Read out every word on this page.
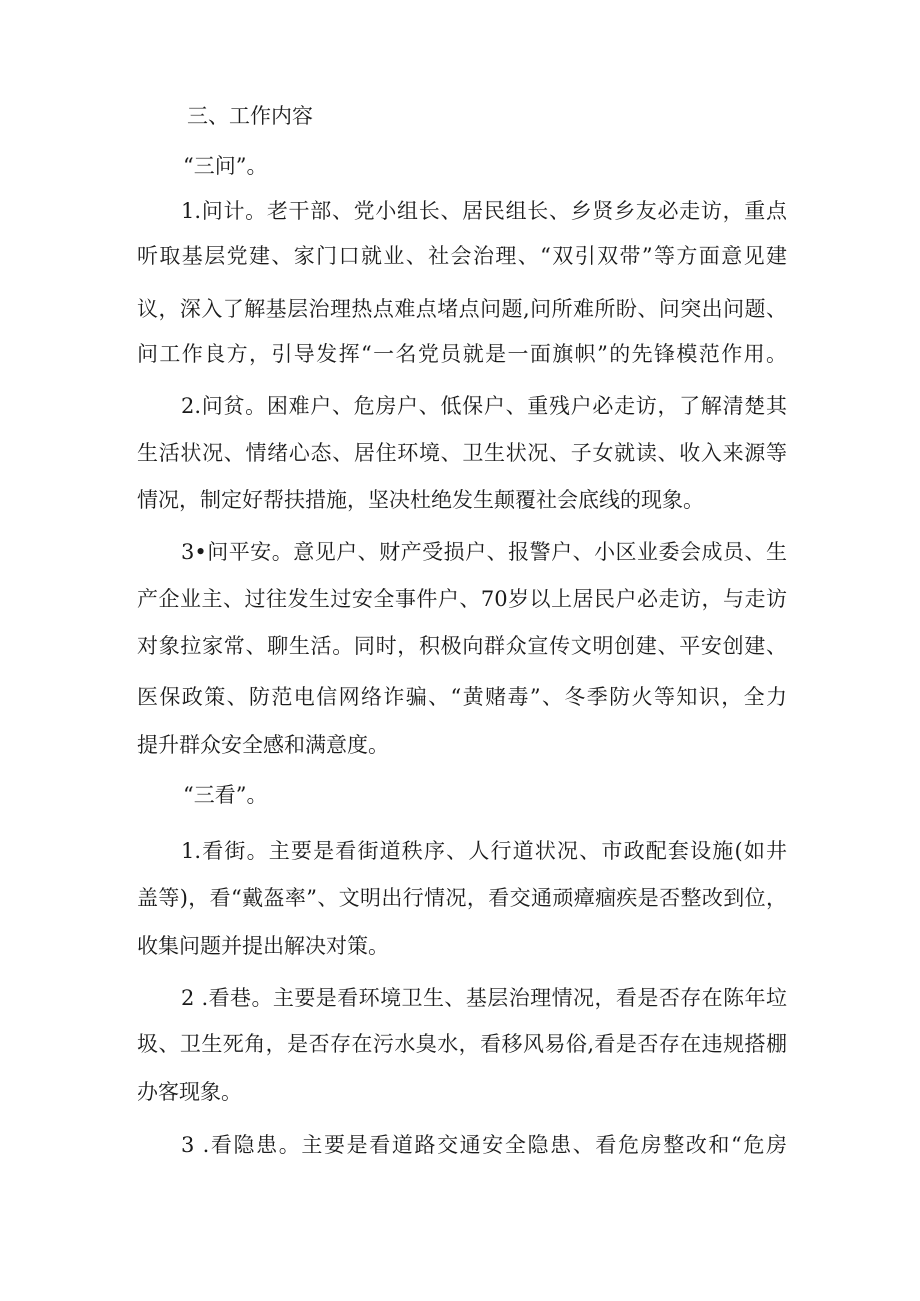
三、工作内容
“三问”。
1.问计。老干部、党小组长、居民组长、乡贤乡友必走访，重点
听取基层党建、家门口就业、社会治理、“双引双带”等方面意见建
议，深入了解基层治理热点难点堵点问题,问所难所盼、问突出问题、
问工作良方，引导发挥“一名党员就是一面旗帜”的先锋模范作用。
2.问贫。困难户、危房户、低保户、重残户必走访，了解清楚其
生活状况、情绪心态、居住环境、卫生状况、子女就读、收入来源等
情况，制定好帮扶措施，坚决杜绝发生颠覆社会底线的现象。
3•问平安。意见户、财产受损户、报警户、小区业委会成员、生
产企业主、过往发生过安全事件户、70岁以上居民户必走访，与走访
对象拉家常、聊生活。同时，积极向群众宣传文明创建、平安创建、
医保政策、防范电信网络诈骗、“黄赌毒”、冬季防火等知识，全力
提升群众安全感和满意度。
“三看”。
1.看街。主要是看街道秩序、人行道状况、市政配套设施(如井
盖等)，看“戴盔率”、文明出行情况，看交通顽瘴痼疾是否整改到位，
收集问题并提出解决对策。
2 .看巷。主要是看环境卫生、基层治理情况，看是否存在陈年垃
圾、卫生死角，是否存在污水臭水，看移风易俗,看是否存在违规搭棚
办客现象。
3 .看隐患。主要是看道路交通安全隐患、看危房整改和“危房
